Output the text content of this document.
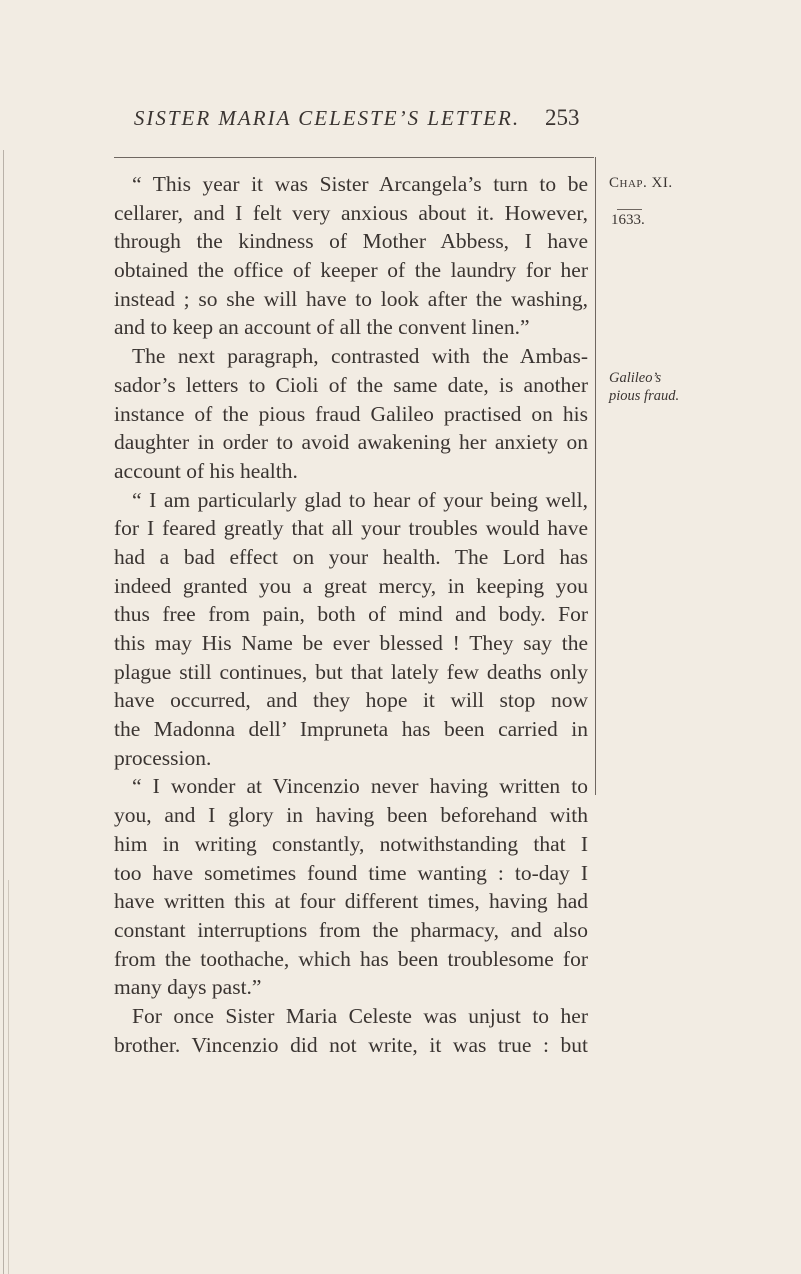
SISTER MARIA CELESTE’S LETTER.	253
“ This year it was Sister Arcangela’s turn to be
cellarer, and I felt very anxious about it. However,
through the kindness of Mother Abbess, I have
obtained the office of keeper of the laundry for her
instead ; so she will have to look after the washing,
and to keep an account of all the convent linen.”
The next paragraph, contrasted with the Ambas-
sador’s letters to Cioli of the same date, is another
instance of the pious fraud Galileo practised on his
daughter in order to avoid awakening her anxiety on
account of his health.
“ I am particularly glad to hear of your being well,
for I feared greatly that all your troubles would have
had a bad effect on your health. The Lord has
indeed granted you a great mercy, in keeping you
thus free from pain, both of mind and body. For
this may His Name be ever blessed ! They say the
plague still continues, but that lately few deaths only
have occurred, and they hope it will stop now
the Madonna dell’ Impruneta has been carried in
procession.
“ I wonder at Vincenzio never having written to
you, and I glory in having been beforehand with
him in writing constantly, notwithstanding that I
too have sometimes found time wanting : to-day I
have written this at four different times, having had
constant interruptions from the pharmacy, and also
from the toothache, which has been troublesome for
many days past.”
For once Sister Maria Celeste was unjust to her
brother. Vincenzio did not write, it was true : but
Chap. XI.
1633.
Galileo’s
pious fraud.
